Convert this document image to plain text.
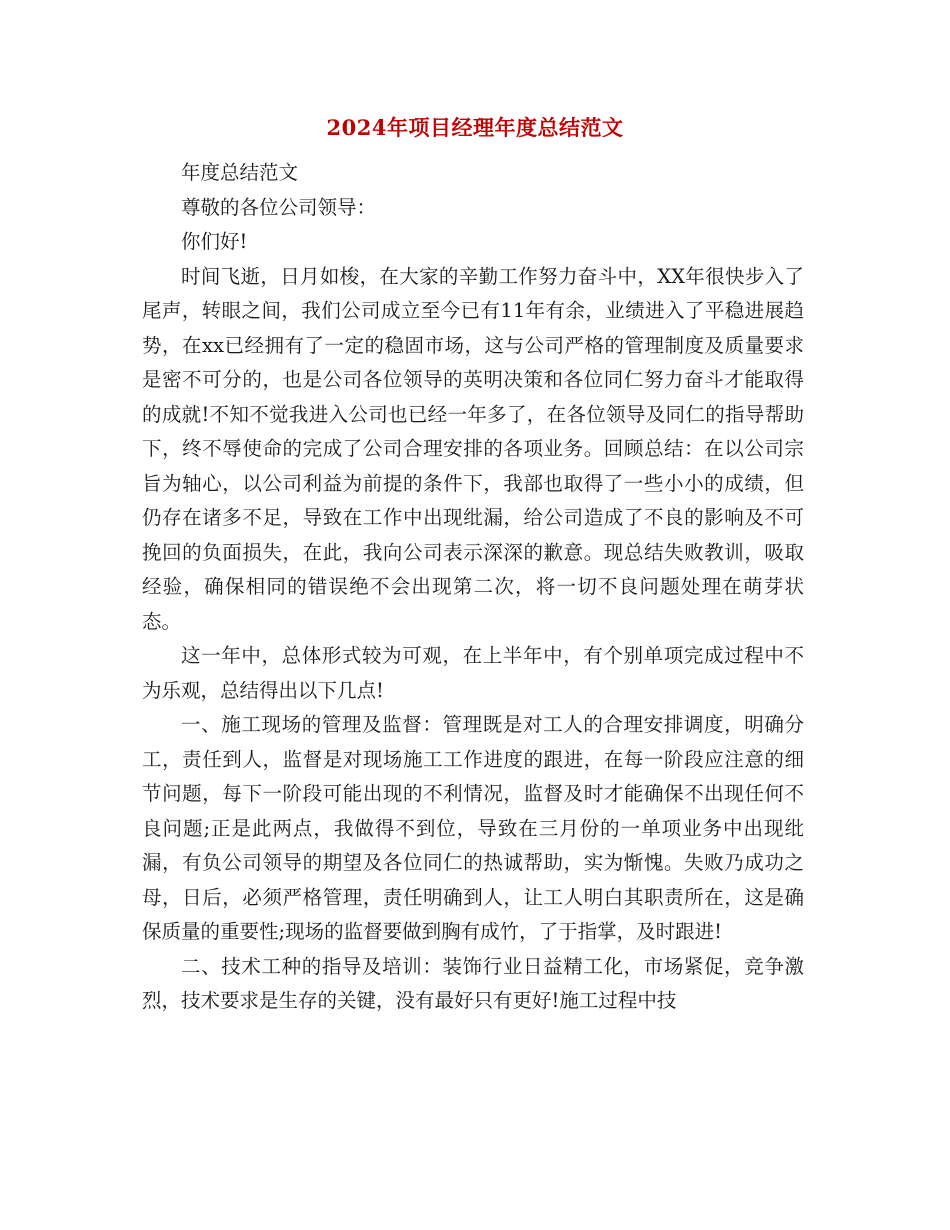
2024年项目经理年度总结范文

年度总结范文

尊敬的各位公司领导：

你们好!

时间飞逝，日月如梭，在大家的辛勤工作努力奋斗中，XX年很快步入了尾声，转眼之间，我们公司成立至今已有11年有余，业绩进入了平稳进展趋势，在xx已经拥有了一定的稳固市场，这与公司严格的管理制度及质量要求是密不可分的，也是公司各位领导的英明决策和各位同仁努力奋斗才能取得的成就!不知不觉我进入公司也已经一年多了，在各位领导及同仁的指导帮助下，终不辱使命的完成了公司合理安排的各项业务。回顾总结：在以公司宗旨为轴心，以公司利益为前提的条件下，我部也取得了一些小小的成绩，但仍存在诸多不足，导致在工作中出现纰漏，给公司造成了不良的影响及不可挽回的负面损失，在此，我向公司表示深深的歉意。现总结失败教训，吸取经验，确保相同的错误绝不会出现第二次，将一切不良问题处理在萌芽状态。

这一年中，总体形式较为可观，在上半年中，有个别单项完成过程中不为乐观，总结得出以下几点!

一、施工现场的管理及监督：管理既是对工人的合理安排调度，明确分工，责任到人，监督是对现场施工工作进度的跟进，在每一阶段应注意的细节问题，每下一阶段可能出现的不利情况，监督及时才能确保不出现任何不良问题;正是此两点，我做得不到位，导致在三月份的一单项业务中出现纰漏，有负公司领导的期望及各位同仁的热诚帮助，实为惭愧。失败乃成功之母，日后，必须严格管理，责任明确到人，让工人明白其职责所在，这是确保质量的重要性;现场的监督要做到胸有成竹，了于指掌，及时跟进!

二、技术工种的指导及培训：装饰行业日益精工化，市场紧促，竞争激烈，技术要求是生存的关键，没有最好只有更好!施工过程中技
